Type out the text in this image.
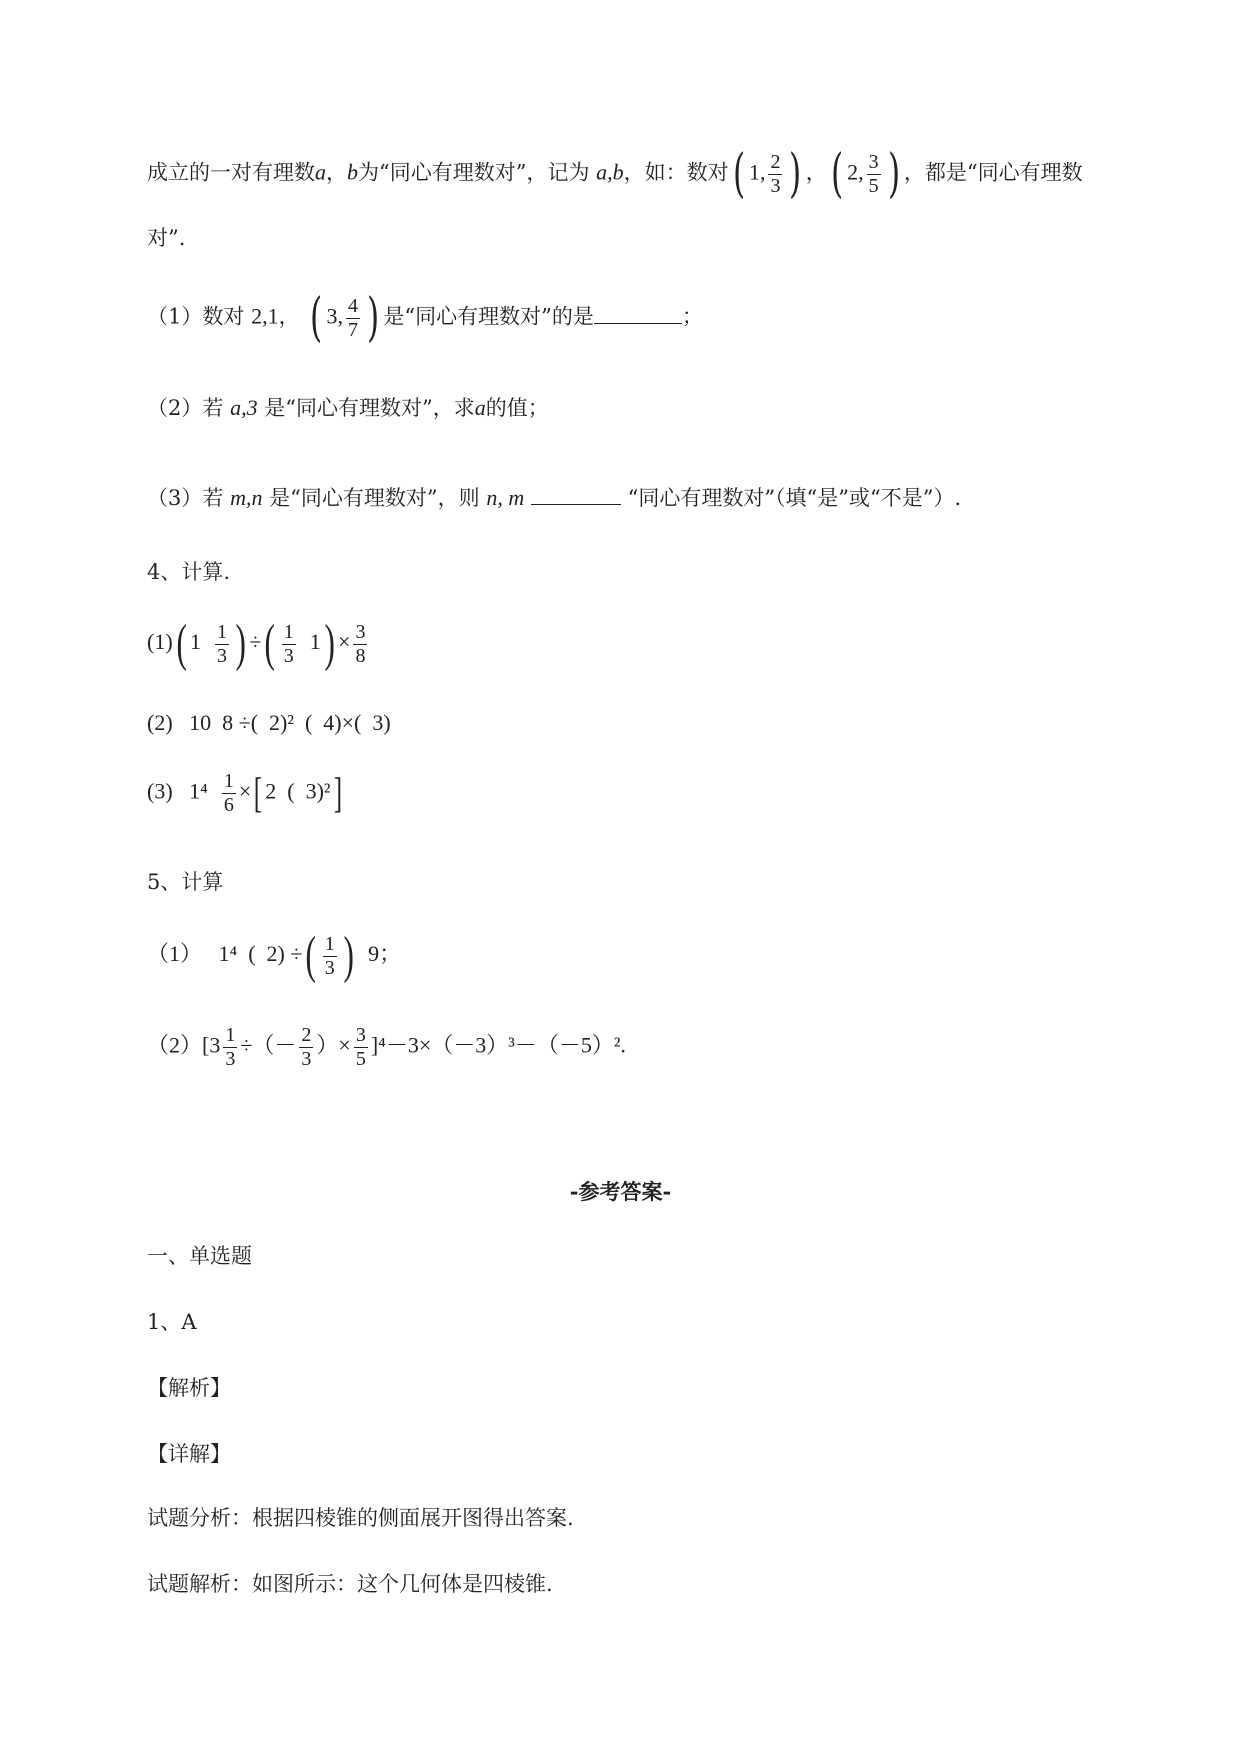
成立的一对有理数a，b为“同心有理数对”，记为 a,b，如：数对( 1, $\frac{2}{3}$ ) ，( 2, $\frac{3}{5}$ ) ，都是“同心有理数
对”.
（1）数对 2,1， ( 3, $\frac{4}{7}$ ) 是“同心有理数对”的是	；
（2）若 a,3 是“同心有理数对”，求a的值；
（3）若 m,n 是“同心有理数对”，则 n, m	“同心有理数对”（填“是”或“不是”）.
4、计算.
(1)( $1 \frac{1}{3}$ ) ÷( $\frac{1}{3} 1) \times \frac{3}{8}$
(2) 10  8 ÷(  2)²  (  4)×(  3)
(3) $1^4 \frac{1}{6}$ ×[ 2  (  3)²]
5、计算
（1） 1⁴ (  2) ÷( $\frac{1}{3}$ ) 9；
$(2)[3 \frac{1}{3}$ ÷（－ $\frac{2}{3}$ ）× $\frac{3}{5} ]^4-3\times(-3)^3-(-5)^2$.
-参考答案-
一、单选题
1、A
【解析】
【详解】
试题分析：根据四棱锥的侧面展开图得出答案.
试题解析：如图所示：这个几何体是四棱锥.
